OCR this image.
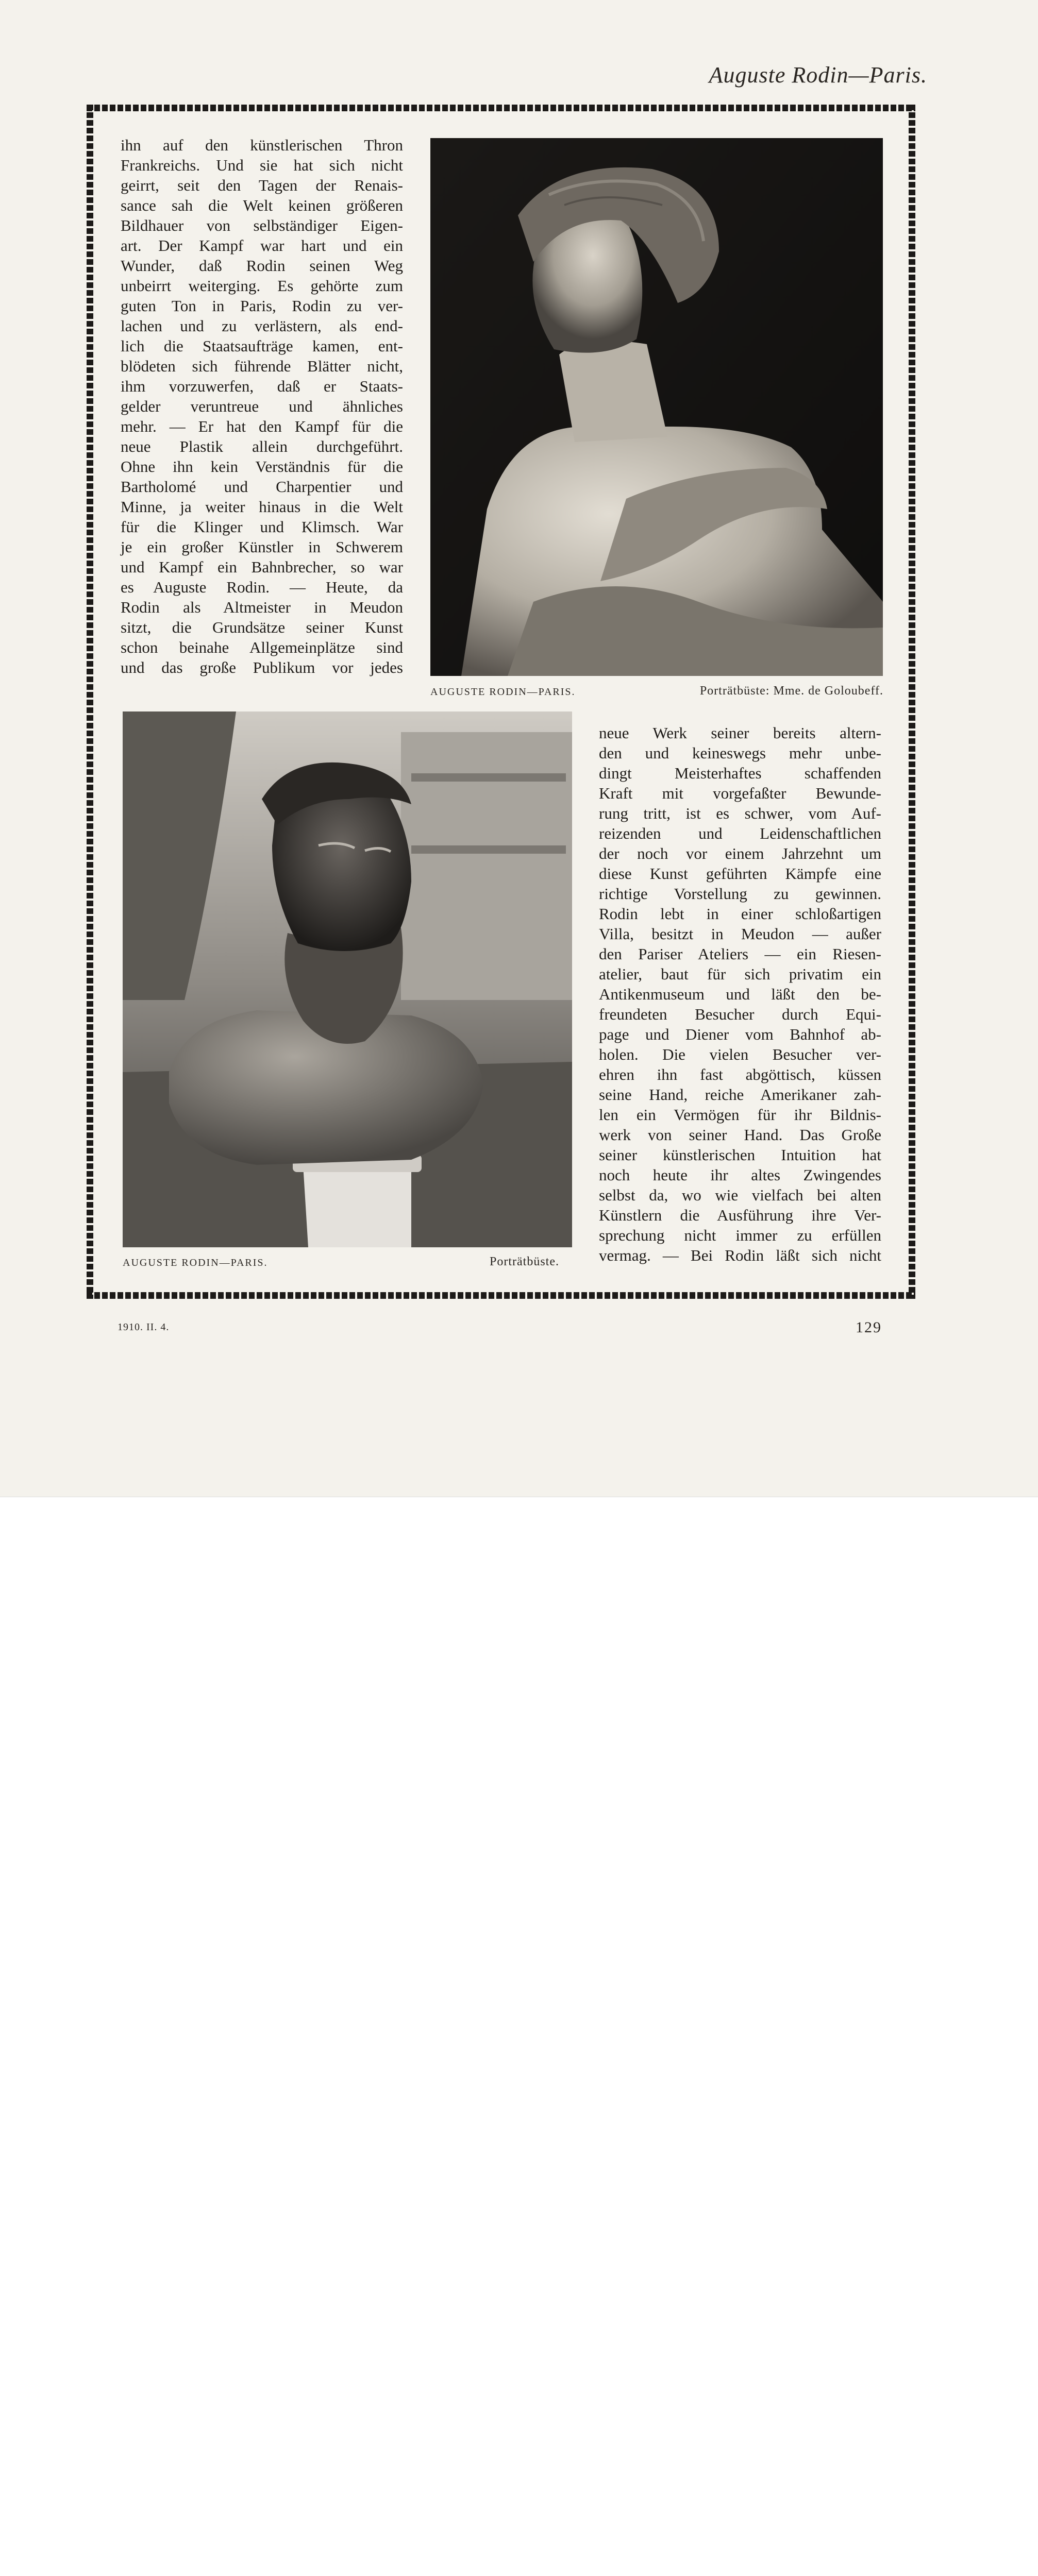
Auguste Rodin—Paris.

ihn auf den künstlerischen Thron

Frankreichs. Und sie hat sich nicht

geirrt, seit den Tagen der Renais-

sance sah die Welt keinen größeren

Bildhauer von selbständiger Eigen-

art. Der Kampf war hart und ein

Wunder, daß Rodin seinen Weg

unbeirrt weiterging. Es gehörte zum

guten Ton in Paris, Rodin zu ver-

lachen und zu verlästern, als end-

lich die Staatsaufträge kamen, ent-

blödeten sich führende Blätter nicht,

ihm vorzuwerfen, daß er Staats-

gelder veruntreue und ähnliches

mehr. — Er hat den Kampf für die

neue Plastik allein durchgeführt.

Ohne ihn kein Verständnis für die

Bartholomé und Charpentier und

Minne, ja weiter hinaus in die Welt

für die Klinger und Klimsch. War

je ein großer Künstler in Schwerem

und Kampf ein Bahnbrecher, so war

es Auguste Rodin. — Heute, da

Rodin als Altmeister in Meudon

sitzt, die Grundsätze seiner Kunst

schon beinahe Allgemeinplätze sind

und das große Publikum vor jedes

neue Werk seiner bereits altern-

den und keineswegs mehr unbe-

dingt Meisterhaftes schaffenden

Kraft mit vorgefaßter Bewunde-

rung tritt, ist es schwer, vom Auf-

reizenden und Leidenschaftlichen

der noch vor einem Jahrzehnt um

diese Kunst geführten Kämpfe eine

richtige Vorstellung zu gewinnen.

Rodin lebt in einer schloßartigen

Villa, besitzt in Meudon — außer

den Pariser Ateliers — ein Riesen-

atelier, baut für sich privatim ein

Antikenmuseum und läßt den be-

freundeten Besucher durch Equi-

page und Diener vom Bahnhof ab-

holen. Die vielen Besucher ver-

ehren ihn fast abgöttisch, küssen

seine Hand, reiche Amerikaner zah-

len ein Vermögen für ihr Bildnis-

werk von seiner Hand. Das Große

seiner künstlerischen Intuition hat

noch heute ihr altes Zwingendes

selbst da, wo wie vielfach bei alten

Künstlern die Ausführung ihre Ver-

sprechung nicht immer zu erfüllen

vermag. — Bei Rodin läßt sich nicht

AUGUSTE RODIN—PARIS.	Porträtbüste: Mme. de Goloubeff.
AUGUSTE RODIN—PARIS.	Porträtbüste.
1910. II. 4.	129
